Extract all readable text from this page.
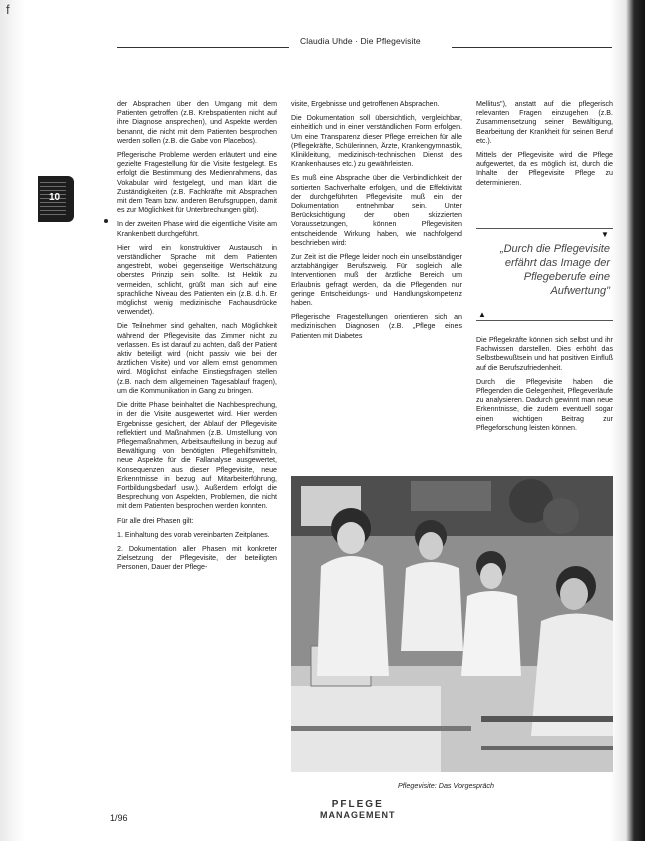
f
Claudia Uhde · Die Pflegevisite
10

der Absprachen über den Umgang mit dem Patienten getroffen (z.B. Krebspatienten nicht auf ihre Diagnose ansprechen), und Aspekte werden benannt, die nicht mit dem Patienten besprochen werden sollen (z.B. die Gabe von Placebos).

Pflegerische Probleme werden erläutert und eine gezielte Fragestellung für die Visite festgelegt. Es erfolgt die Bestimmung des Medienrahmens, das Vokabular wird festgelegt, und man klärt die Zuständigkeiten (z.B. Fachkräfte mit Absprachen mit dem Team bzw. anderen Berufsgruppen, damit es zur Möglichkeit für Unterbrechungen gibt).

In der zweiten Phase wird die eigentliche Visite am Krankenbett durchgeführt.

Hier wird ein konstruktiver Austausch in verständlicher Sprache mit dem Patienten angestrebt, wobei gegenseitige Wertschätzung oberstes Prinzip sein sollte. Ist Hektik zu vermeiden, schlicht, grüßt man sich auf eine sprachliche Niveau des Patienten ein (z.B. d.h. Er möglichst wenig medizinische Fachausdrücke verwendet).

Die Teilnehmer sind gehalten, nach Möglichkeit während der Pflegevisite das Zimmer nicht zu verlassen. Es ist darauf zu achten, daß der Patient aktiv beteiligt wird (nicht passiv wie bei der ärztlichen Visite) und vor allem ernst genommen wird. Möglichst einfache Einstiegsfragen stellen (z.B. nach dem allgemeinen Tagesablauf fragen), um die Kommunikation in Gang zu bringen.

Die dritte Phase beinhaltet die Nachbesprechung, in der die Visite ausgewertet wird. Hier werden Ergebnisse gesichert, der Ablauf der Pflegevisite reflektiert und Maßnahmen (z.B. Umstellung von Pflegemaßnahmen, Arbeitsaufteilung in bezug auf Bewältigung von benötigten Pflegehilfsmitteln, neue Aspekte für die Fallanalyse ausgewertet, Konsequenzen aus dieser Pflegevisite, neue Erkenntnisse in bezug auf Mitarbeiterführung, Fortbildungsbedarf usw.). Außerdem erfolgt die Besprechung von Aspekten, Problemen, die nicht mit dem Patienten besprochen werden konnten.

Für alle drei Phasen gilt:

1. Einhaltung des vorab vereinbarten Zeitplanes.

2. Dokumentation aller Phasen mit konkreter Zielsetzung der Pflegevisite, der beteiligten Personen, Dauer der Pflege-

visite, Ergebnisse und getroffenen Absprachen.

Die Dokumentation soll übersichtlich, vergleichbar, einheitlich und in einer verständlichen Form erfolgen. Um eine Transparenz dieser Pflege erreichen für alle (Pflegekräfte, Schülerinnen, Ärzte, Krankengymnastik, Klinikleitung, medizinisch-technischen Dienst des Krankenhauses etc.) zu gewährleisten.

Es muß eine Absprache über die Verbindlichkeit der sortierten Sachverhalte erfolgen, und die Effektivität der durchgeführten Pflegevisite muß ein der Dokumentation entnehmbar sein. Unter Berücksichtigung der oben skizzierten Voraussetzungen, können Pflegevisiten entscheidende Wirkung haben, wie nachfolgend beschrieben wird:

Zur Zeit ist die Pflege leider noch ein unselbständiger arztabhängiger Berufszweig. Für sogleich alle Interventionen muß der ärztliche Bereich um Erlaubnis gefragt werden, da die Pflegenden nur geringe Entscheidungs- und Handlungskompetenz haben.

Pflegerische Fragestellungen orientieren sich an medizinischen Diagnosen (z.B. „Pflege eines Patienten mit Diabetes

Mellitus"), anstatt auf die pflegerisch relevanten Fragen einzugehen (z.B. Zusammensetzung seiner Bewältigung, Bearbeitung der Krankheit für seinen Beruf etc.).

Mittels der Pflegevisite wird die Pflege aufgewertet, da es möglich ist, durch die Inhalte der Pflegevisite Pflege zu determinieren.

▼
„Durch die Pflegevisite erfährt das Image der Pflegeberufe eine Aufwertung"
▲

Die Pflegekräfte können sich selbst und ihr Fachwissen darstellen. Dies erhöht das Selbstbewußtsein und hat positiven Einfluß auf die Berufszufriedenheit.

Durch die Pflegevisite haben die Pflegenden die Gelegenheit, Pflegeverläufe zu analysieren. Dadurch gewinnt man neue Erkenntnisse, die zudem eventuell sogar einen wichtigen Beitrag zur Pflegeforschung leisten können.

Pflegevisite: Das Vorgespräch
1/96
PFLEGE
MANAGEMENT
